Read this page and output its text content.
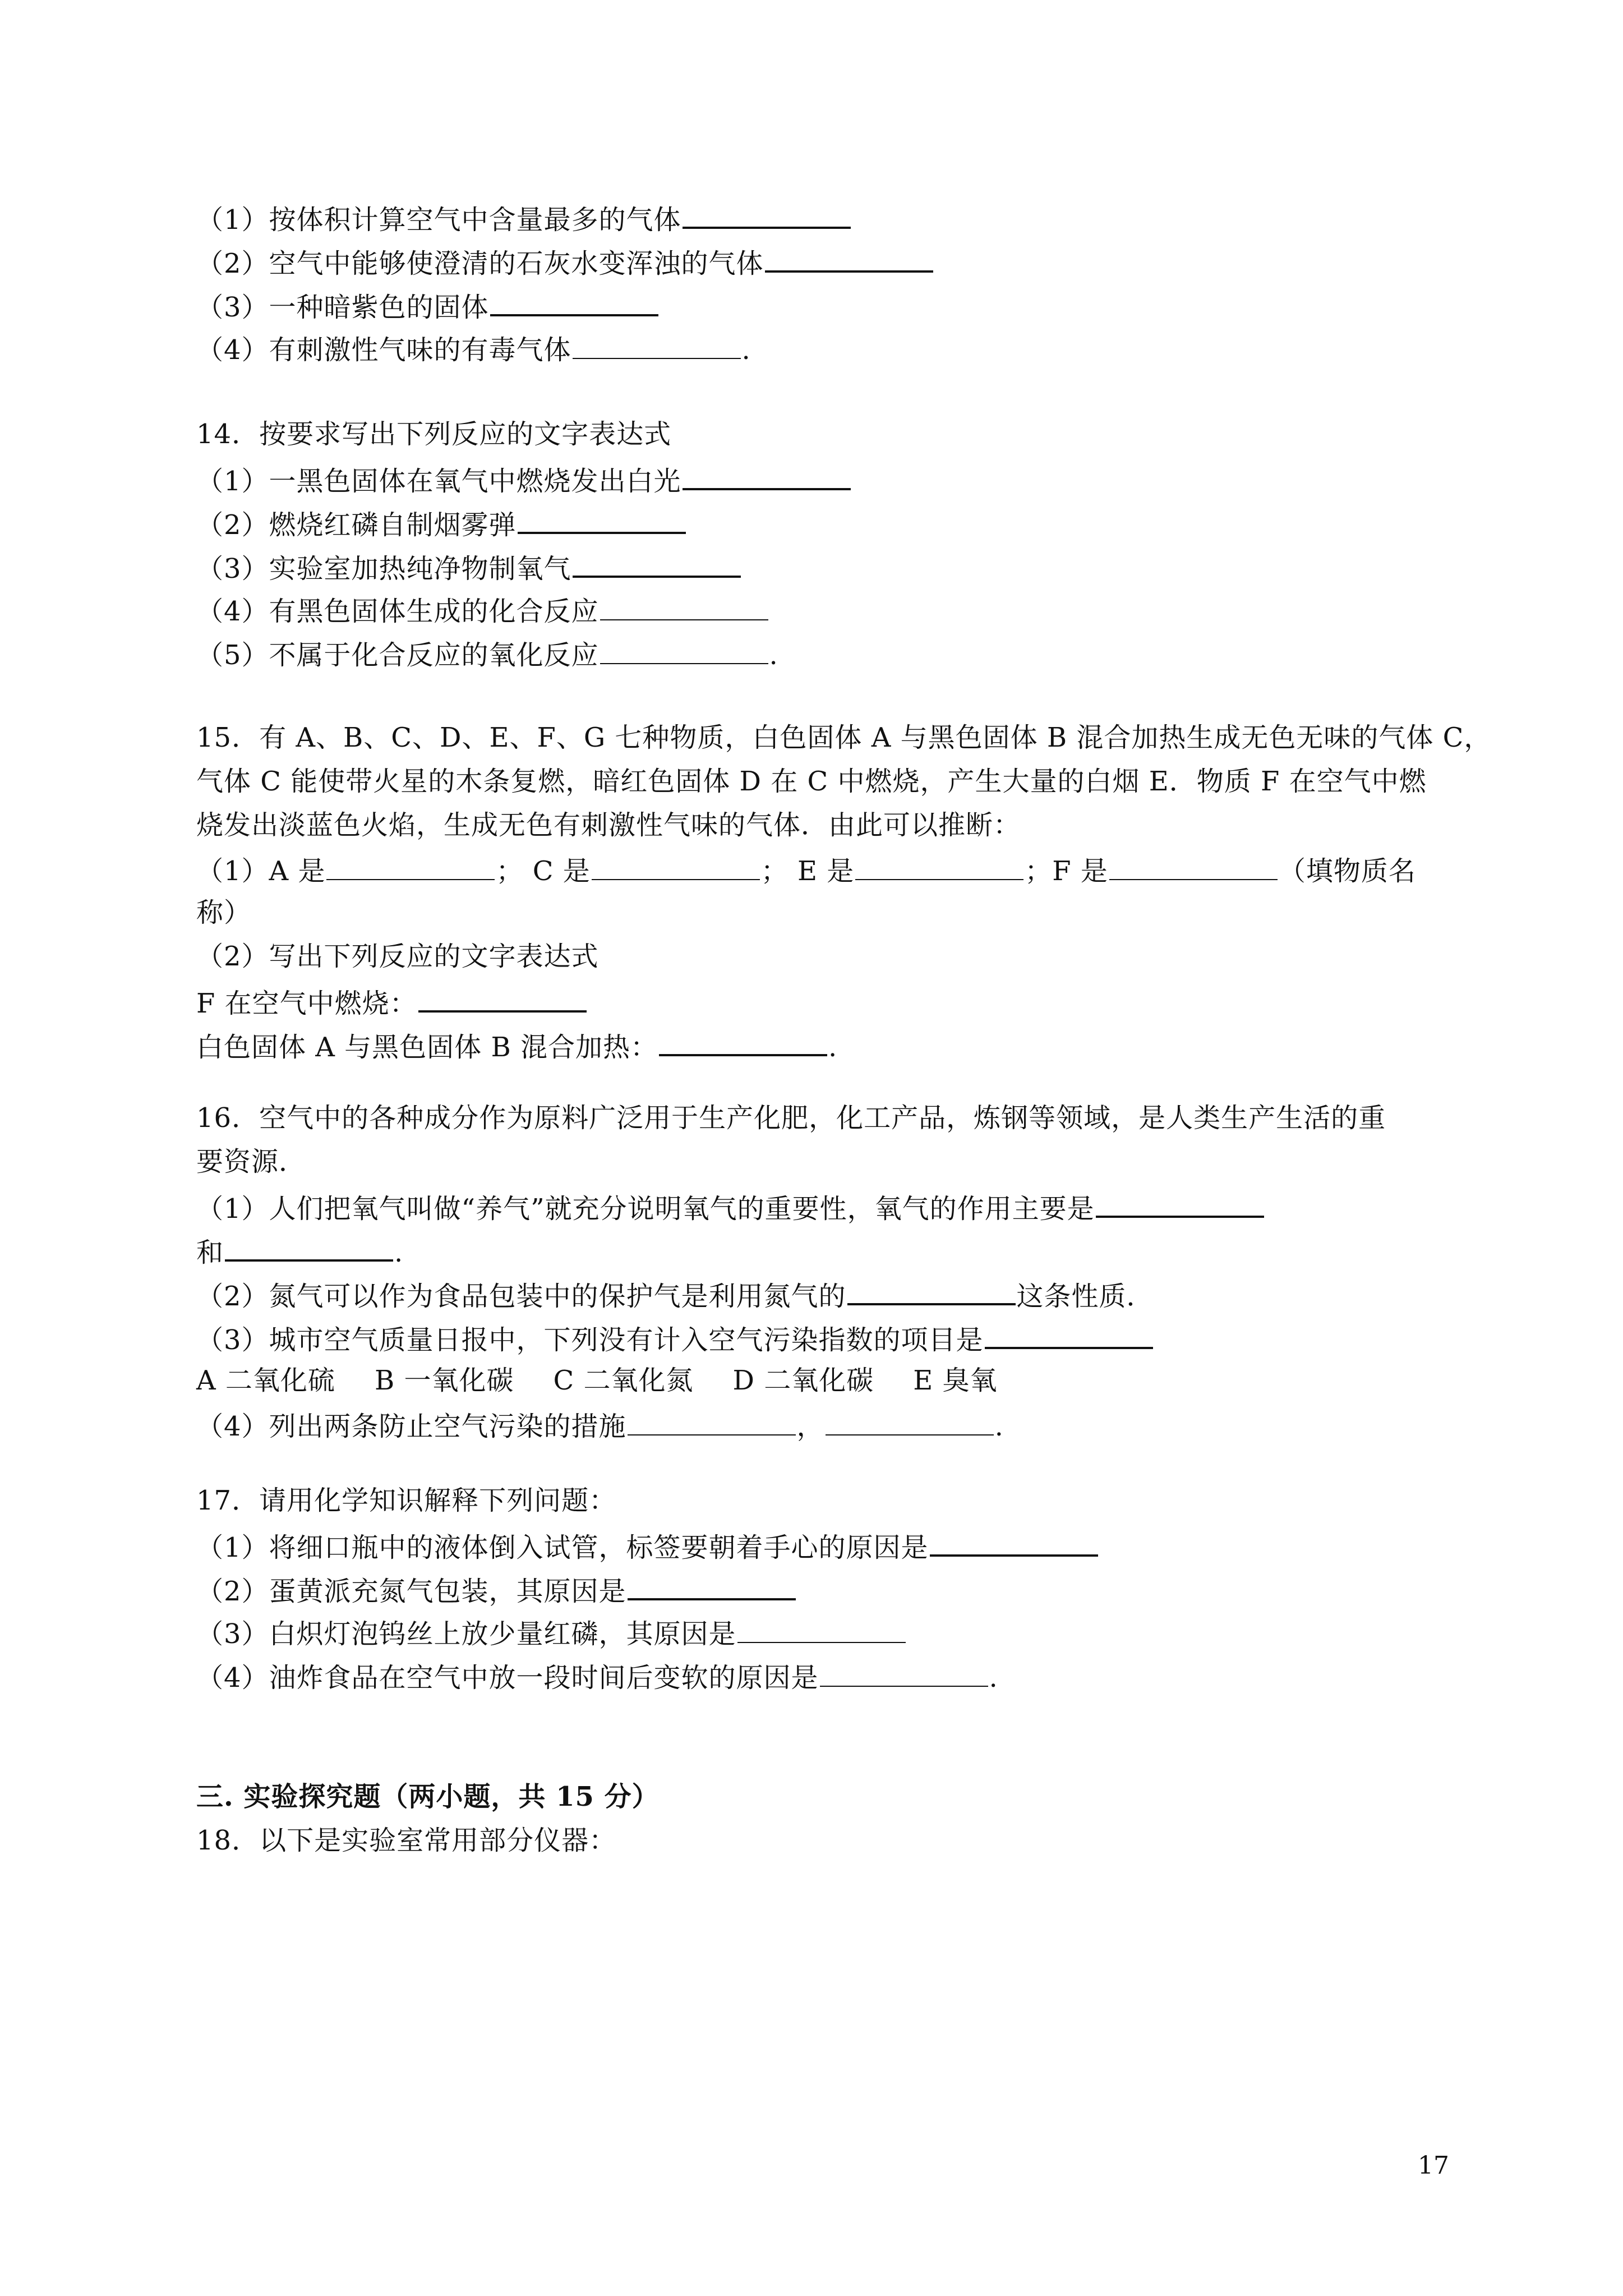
（1）按体积计算空气中含量最多的气体
（2）空气中能够使澄清的石灰水变浑浊的气体
（3）一种暗紫色的固体
（4）有刺激性气味的有毒气体	.
14．按要求写出下列反应的文字表达式
（1）一黑色固体在氧气中燃烧发出白光
（2）燃烧红磷自制烟雾弹
（3）实验室加热纯净物制氧气
（4）有黑色固体生成的化合反应
（5）不属于化合反应的氧化反应	.
15．有 A、B、C、D、E、F、G 七种物质，白色固体 A 与黑色固体 B 混合加热生成无色无味的气体 C，
气体 C 能使带火星的木条复燃，暗红色固体 D 在 C 中燃烧，产生大量的白烟 E．物质 F 在空气中燃
烧发出淡蓝色火焰，生成无色有刺激性气味的气体．由此可以推断：
（1）A 是	； C 是	； E 是	；F 是	（填物质名
称）
（2）写出下列反应的文字表达式
F 在空气中燃烧：
白色固体 A 与黑色固体 B 混合加热：	.
16．空气中的各种成分作为原料广泛用于生产化肥，化工产品，炼钢等领域，是人类生产生活的重
要资源．
（1）人们把氧气叫做“养气”就充分说明氧气的重要性，氧气的作用主要是
和	.
（2）氮气可以作为食品包装中的保护气是利用氮气的	这条性质．
（3）城市空气质量日报中，下列没有计入空气污染指数的项目是
A 二氧化硫 B 一氧化碳 C 二氧化氮 D 二氧化碳 E 臭氧
（4）列出两条防止空气污染的措施	，	.
17．请用化学知识解释下列问题：
（1）将细口瓶中的液体倒入试管，标签要朝着手心的原因是
（2）蛋黄派充氮气包装，其原因是
（3）白炽灯泡钨丝上放少量红磷，其原因是
（4）油炸食品在空气中放一段时间后变软的原因是	.
三. 实验探究题（两小题，共 15 分）
18．以下是实验室常用部分仪器：
17
